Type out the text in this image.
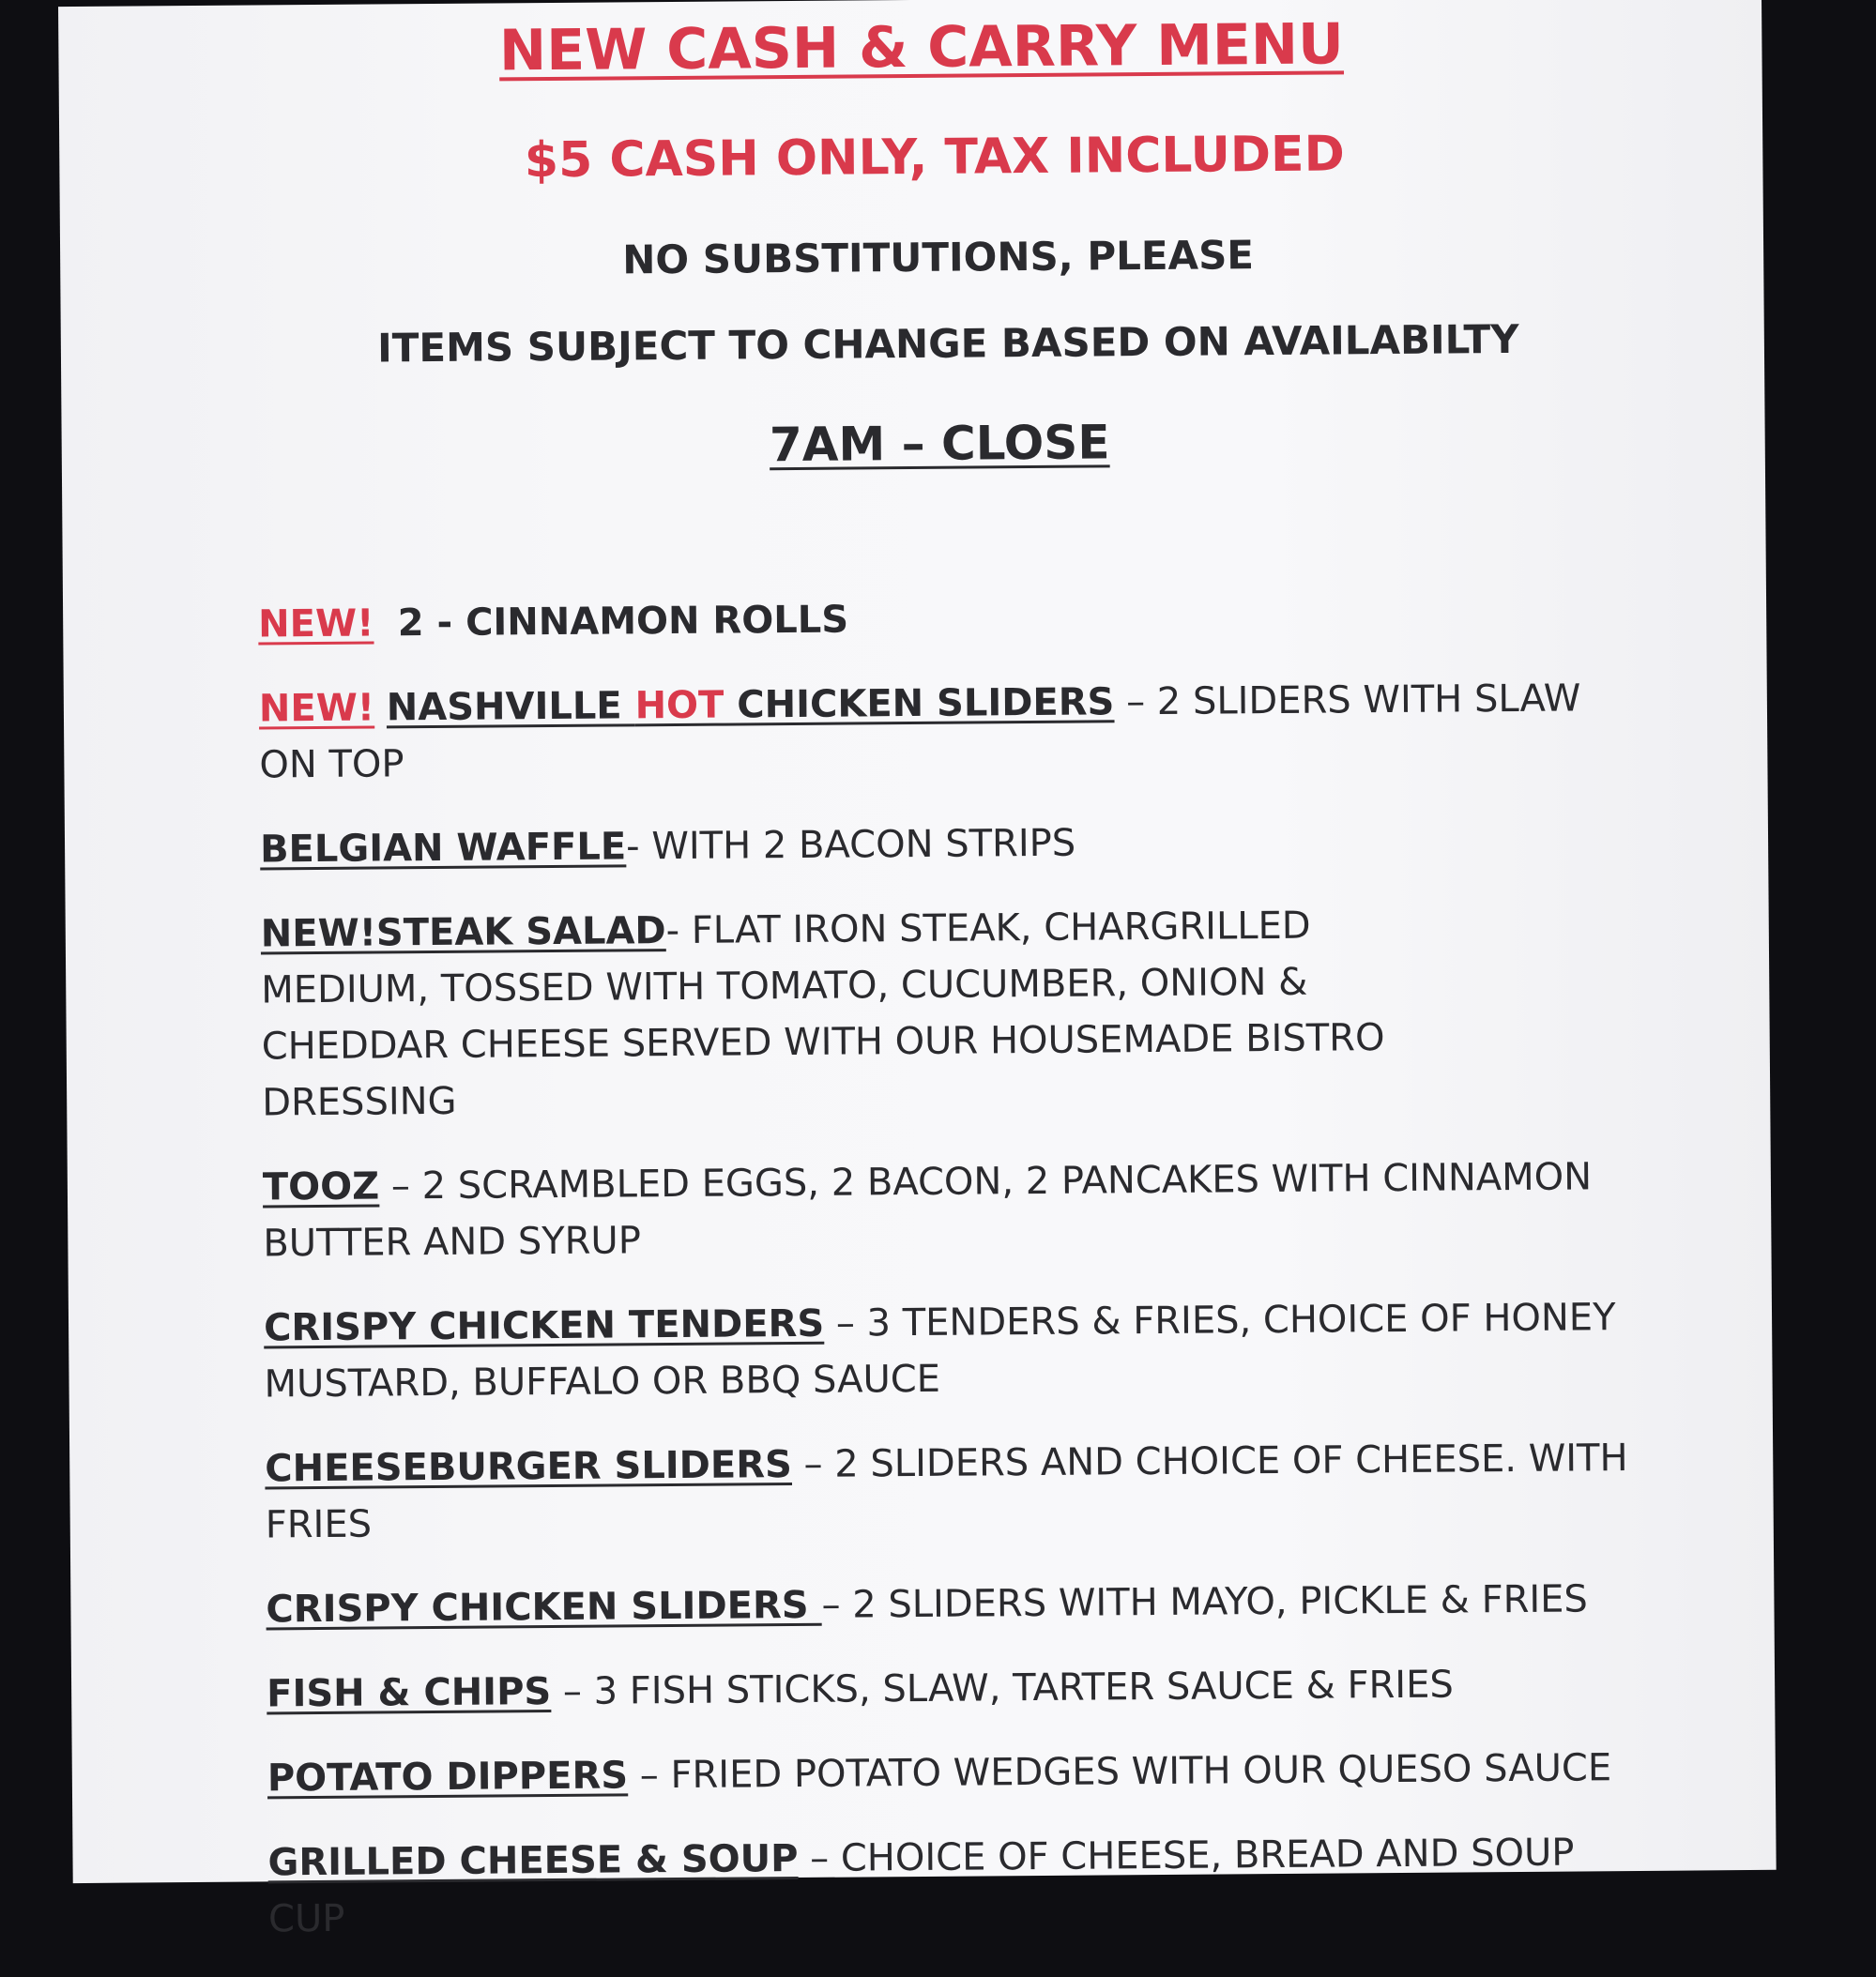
NEW CASH & CARRY MENU
$5 CASH ONLY, TAX INCLUDED
NO SUBSTITUTIONS, PLEASE
ITEMS SUBJECT TO CHANGE BASED ON AVAILABILTY
7AM – CLOSE
NEW! 2 - CINNAMON ROLLS
NEW! NASHVILLE HOT CHICKEN SLIDERS – 2 SLIDERS WITH SLAW ON TOP
BELGIAN WAFFLE- WITH 2 BACON STRIPS
NEW!STEAK SALAD- FLAT IRON STEAK, CHARGRILLED MEDIUM, TOSSED WITH TOMATO, CUCUMBER, ONION & CHEDDAR CHEESE SERVED WITH OUR HOUSEMADE BISTRO DRESSING
TOOZ – 2 SCRAMBLED EGGS, 2 BACON, 2 PANCAKES WITH CINNAMON BUTTER AND SYRUP
CRISPY CHICKEN TENDERS – 3 TENDERS & FRIES, CHOICE OF HONEY MUSTARD, BUFFALO OR BBQ SAUCE
CHEESEBURGER SLIDERS – 2 SLIDERS AND CHOICE OF CHEESE. WITH FRIES
CRISPY CHICKEN SLIDERS – 2 SLIDERS WITH MAYO, PICKLE & FRIES
FISH & CHIPS – 3 FISH STICKS, SLAW, TARTER SAUCE & FRIES
POTATO DIPPERS – FRIED POTATO WEDGES WITH OUR QUESO SAUCE
GRILLED CHEESE & SOUP – CHOICE OF CHEESE, BREAD AND SOUP CUP
